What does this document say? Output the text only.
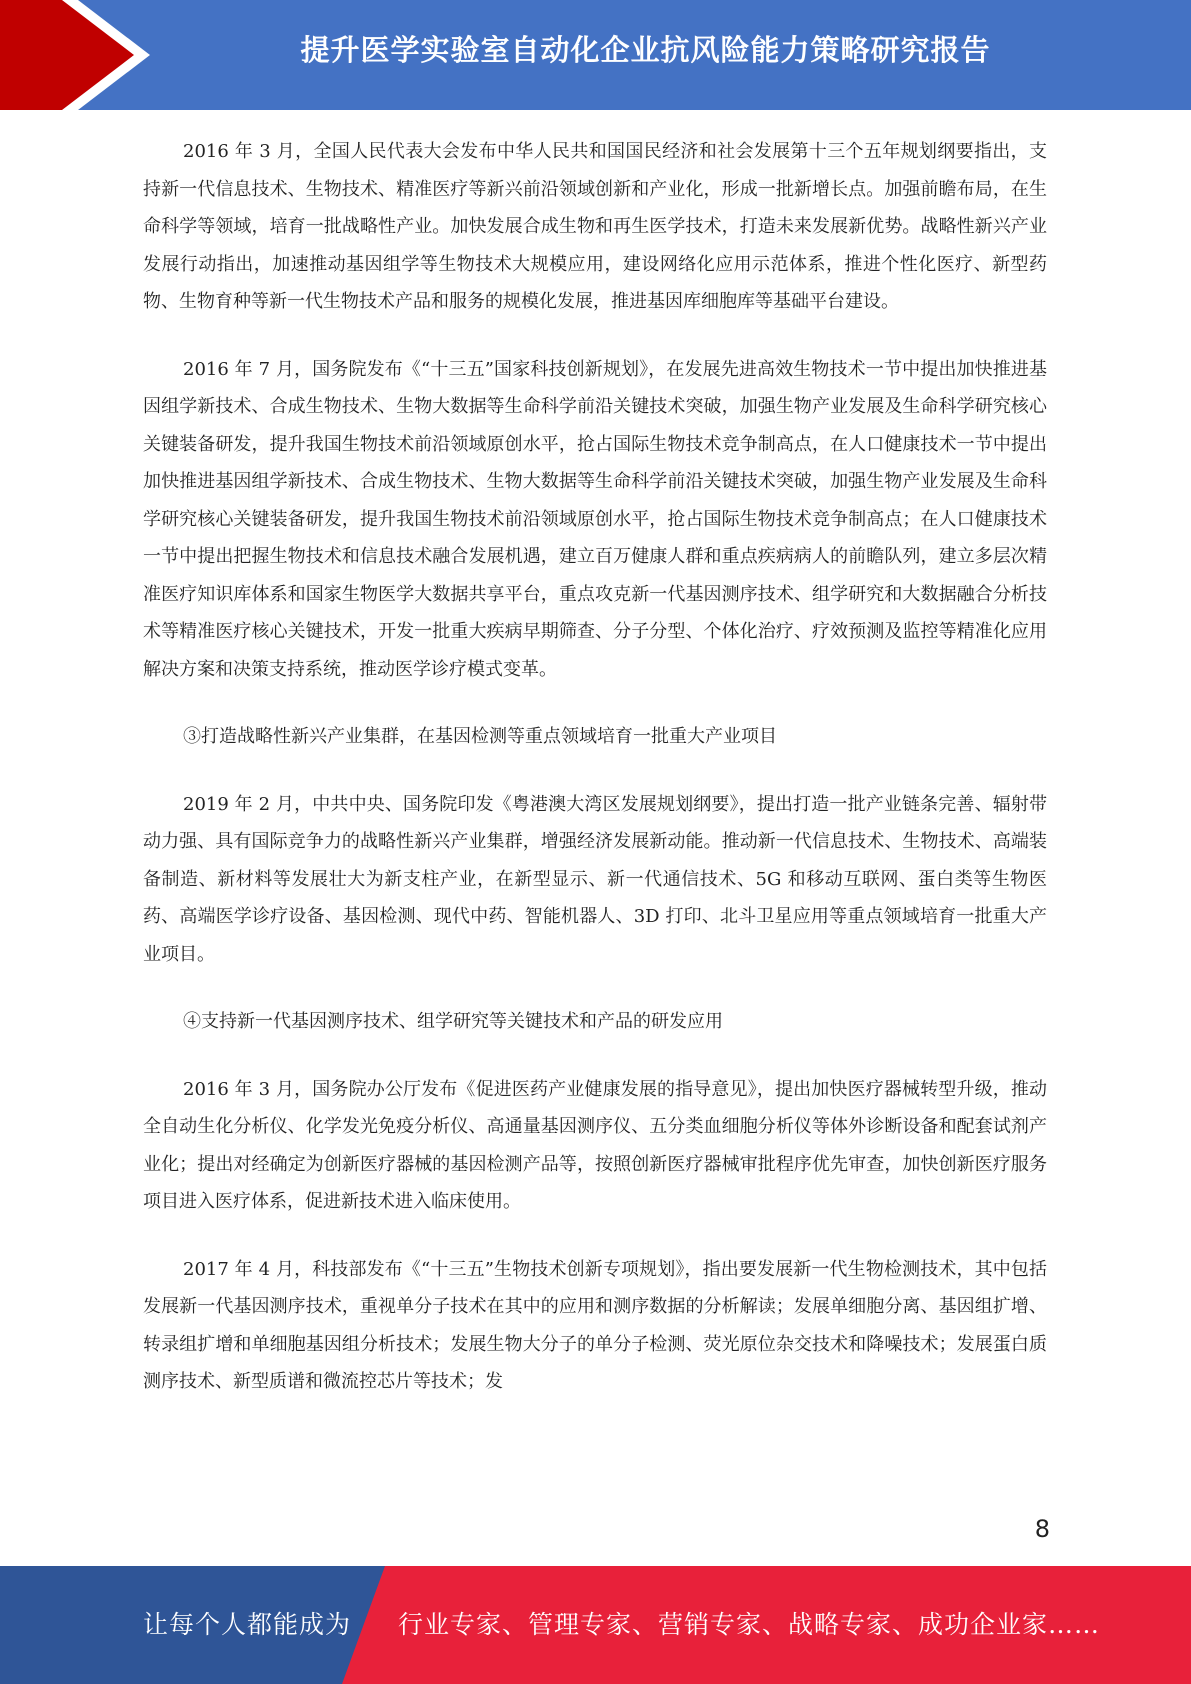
提升医学实验室自动化企业抗风险能力策略研究报告

2016 年 3 月，全国人民代表大会发布中华人民共和国国民经济和社会发展第十三个五年规划纲要指出，支持新一代信息技术、生物技术、精准医疗等新兴前沿领域创新和产业化，形成一批新增长点。加强前瞻布局，在生命科学等领域，培育一批战略性产业。加快发展合成生物和再生医学技术，打造未来发展新优势。战略性新兴产业发展行动指出，加速推动基因组学等生物技术大规模应用，建设网络化应用示范体系，推进个性化医疗、新型药物、生物育种等新一代生物技术产品和服务的规模化发展，推进基因库细胞库等基础平台建设。

2016 年 7 月，国务院发布《“十三五”国家科技创新规划》，在发展先进高效生物技术一节中提出加快推进基因组学新技术、合成生物技术、生物大数据等生命科学前沿关键技术突破，加强生物产业发展及生命科学研究核心关键装备研发，提升我国生物技术前沿领域原创水平，抢占国际生物技术竞争制高点，在人口健康技术一节中提出加快推进基因组学新技术、合成生物技术、生物大数据等生命科学前沿关键技术突破，加强生物产业发展及生命科学研究核心关键装备研发，提升我国生物技术前沿领域原创水平，抢占国际生物技术竞争制高点；在人口健康技术一节中提出把握生物技术和信息技术融合发展机遇，建立百万健康人群和重点疾病病人的前瞻队列，建立多层次精准医疗知识库体系和国家生物医学大数据共享平台，重点攻克新一代基因测序技术、组学研究和大数据融合分析技术等精准医疗核心关键技术，开发一批重大疾病早期筛查、分子分型、个体化治疗、疗效预测及监控等精准化应用解决方案和决策支持系统，推动医学诊疗模式变革。

③打造战略性新兴产业集群，在基因检测等重点领域培育一批重大产业项目

2019 年 2 月，中共中央、国务院印发《粤港澳大湾区发展规划纲要》，提出打造一批产业链条完善、辐射带动力强、具有国际竞争力的战略性新兴产业集群，增强经济发展新动能。推动新一代信息技术、生物技术、高端装备制造、新材料等发展壮大为新支柱产业，在新型显示、新一代通信技术、5G 和移动互联网、蛋白类等生物医药、高端医学诊疗设备、基因检测、现代中药、智能机器人、3D 打印、北斗卫星应用等重点领域培育一批重大产业项目。

④支持新一代基因测序技术、组学研究等关键技术和产品的研发应用

2016 年 3 月，国务院办公厅发布《促进医药产业健康发展的指导意见》，提出加快医疗器械转型升级，推动全自动生化分析仪、化学发光免疫分析仪、高通量基因测序仪、五分类血细胞分析仪等体外诊断设备和配套试剂产业化；提出对经确定为创新医疗器械的基因检测产品等，按照创新医疗器械审批程序优先审查，加快创新医疗服务项目进入医疗体系，促进新技术进入临床使用。

2017 年 4 月，科技部发布《“十三五”生物技术创新专项规划》，指出要发展新一代生物检测技术，其中包括发展新一代基因测序技术，重视单分子技术在其中的应用和测序数据的分析解读；发展单细胞分离、基因组扩增、转录组扩增和单细胞基因组分析技术；发展生物大分子的单分子检测、荧光原位杂交技术和降噪技术；发展蛋白质测序技术、新型质谱和微流控芯片等技术；发

8
让每个人都能成为 行业专家、管理专家、营销专家、战略专家、成功企业家……
